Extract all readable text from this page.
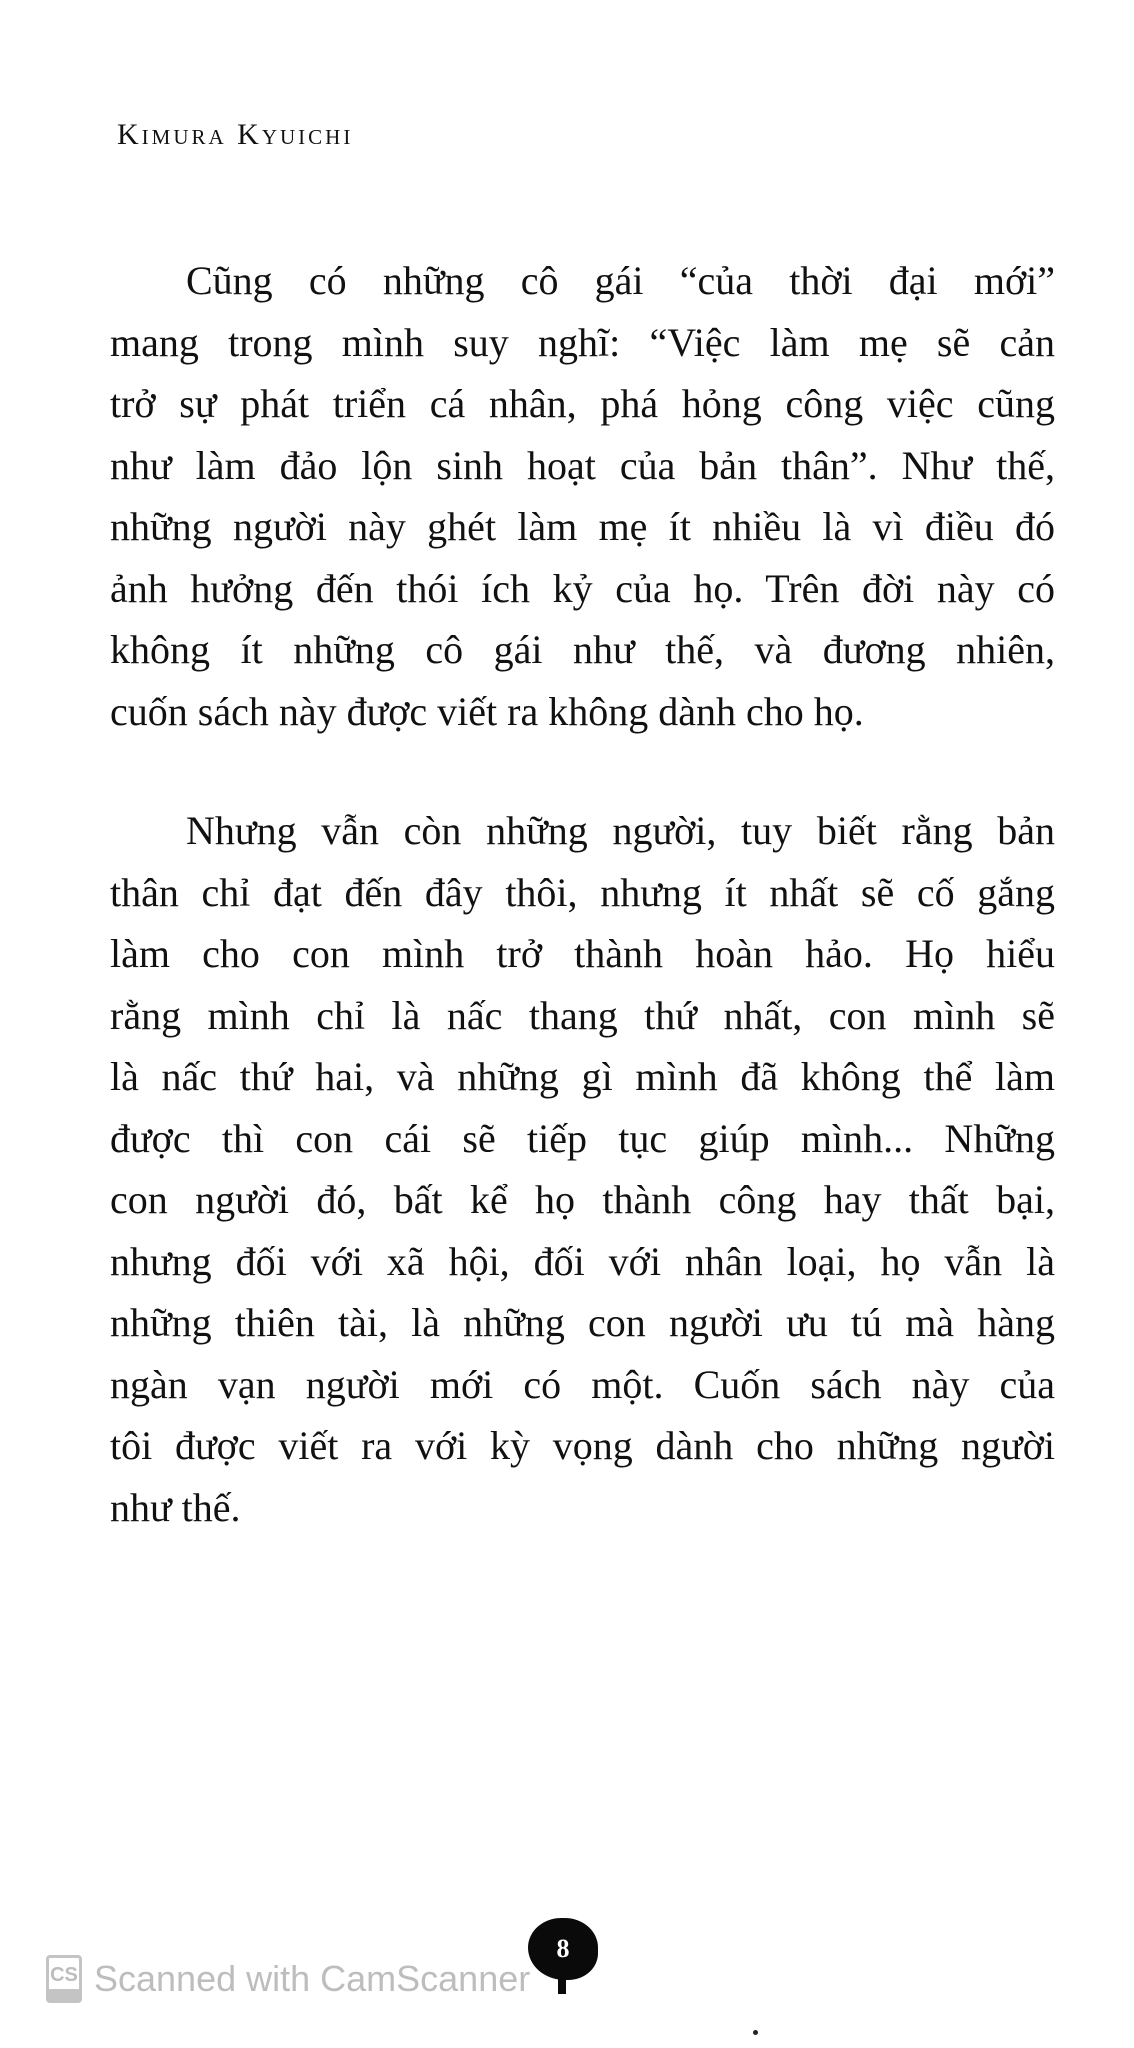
Kimura Kyuichi

Cũng có những cô gái “của thời đại mới”
mang trong mình suy nghĩ: “Việc làm mẹ sẽ cản
trở sự phát triển cá nhân, phá hỏng công việc cũng
như làm đảo lộn sinh hoạt của bản thân”. Như thế,
những người này ghét làm mẹ ít nhiều là vì điều đó
ảnh hưởng đến thói ích kỷ của họ. Trên đời này có
không ít những cô gái như thế, và đương nhiên,
cuốn sách này được viết ra không dành cho họ.

Nhưng vẫn còn những người, tuy biết rằng bản
thân chỉ đạt đến đây thôi, nhưng ít nhất sẽ cố gắng
làm cho con mình trở thành hoàn hảo. Họ hiểu
rằng mình chỉ là nấc thang thứ nhất, con mình sẽ
là nấc thứ hai, và những gì mình đã không thể làm
được thì con cái sẽ tiếp tục giúp mình... Những
con người đó, bất kể họ thành công hay thất bại,
nhưng đối với xã hội, đối với nhân loại, họ vẫn là
những thiên tài, là những con người ưu tú mà hàng
ngàn vạn người mới có một. Cuốn sách này của
tôi được viết ra với kỳ vọng dành cho những người
như thế.

8
CS Scanned with CamScanner
